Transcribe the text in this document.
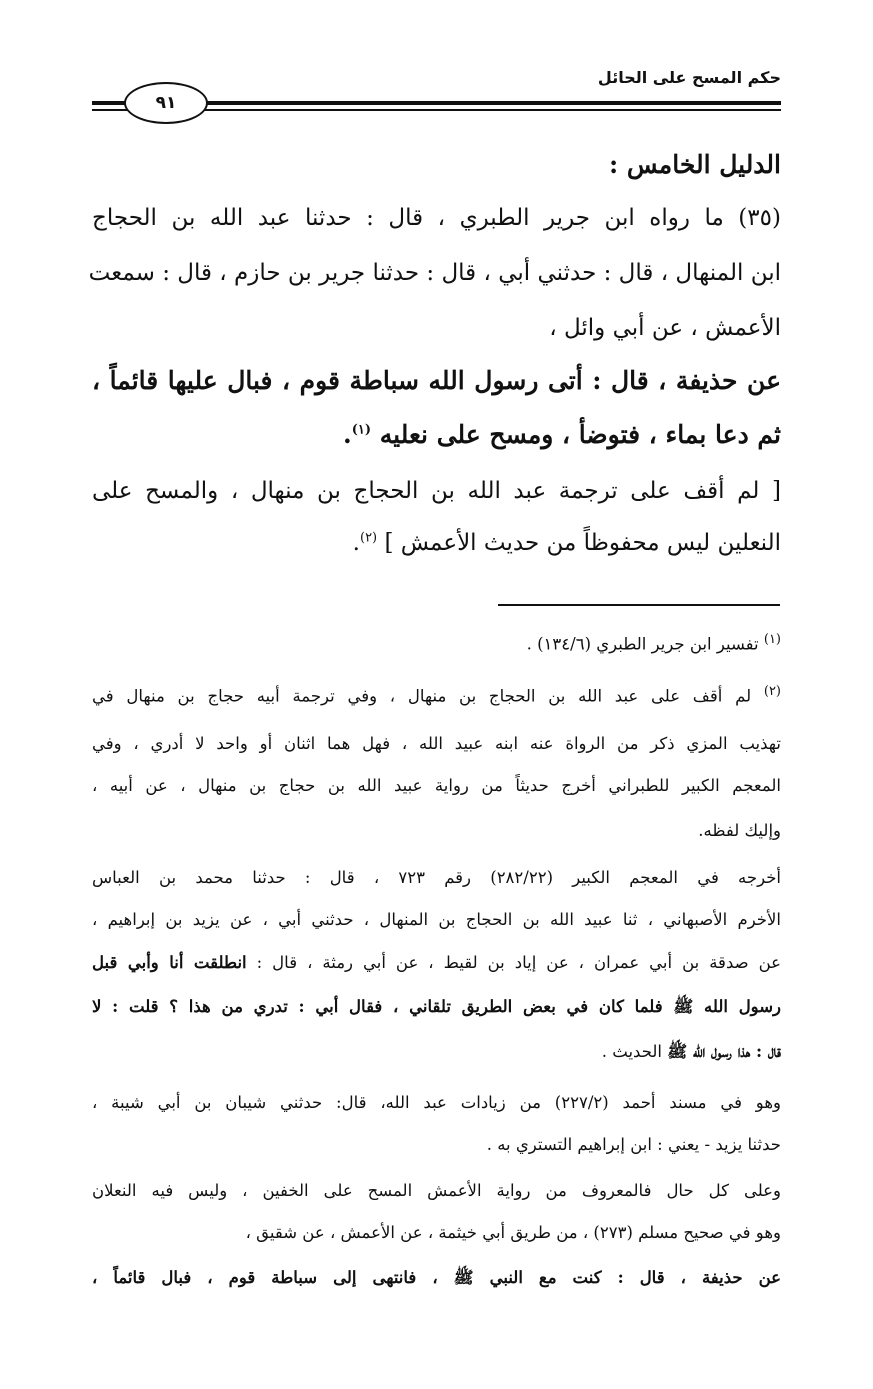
حكم المسح على الحائل
٩١
الدليل الخامس :
(٣٥) ما رواه ابن جرير الطبري ، قال : حدثنا عبد الله بن الحجاج
ابن المنهال ، قال : حدثني أبي ، قال : حدثنا جرير بن حازم ، قال : سمعت
الأعمش ، عن أبي وائل ،
عن حذيفة ، قال : أتى رسول الله سباطة قوم ، فبال عليها قائماً ،
ثم دعا بماء ، فتوضأ ، ومسح على نعليه $^{(١)}$.
[ لم أقف على ترجمة عبد الله بن الحجاج بن منهال ، والمسح على
النعلين ليس محفوظاً من حديث الأعمش ] $^{(٢)}$.
$^{(١)}$ تفسير ابن جرير الطبري (١٣٤/٦) .
$^{(٢)}$ لم أقف على عبد الله بن الحجاج بن منهال ، وفي ترجمة أبيه حجاج بن منهال في
تهذيب المزي ذكر من الرواة عنه ابنه عبيد الله ، فهل هما اثنان أو واحد لا أدري ، وفي
المعجم الكبير للطبراني أخرج حديثاً من رواية عبيد الله بن حجاج بن منهال ، عن أبيه ،
وإليك لفظه.
أخرجه في المعجم الكبير (٢٨٢/٢٢) رقم ٧٢٣ ، قال : حدثنا محمد بن العباس
الأخرم الأصبهاني ، ثنا عبيد الله بن الحجاج بن المنهال ، حدثني أبي ، عن يزيد بن إبراهيم ،
عن صدقة بن أبي عمران ، عن إياد بن لقيط ، عن أبي رمثة ، قال : انطلقت أنا وأبي قبل
رسول الله ﷺ فلما كان في بعض الطريق تلقاني ، فقال أبي : تدري من هذا ؟ قلت : لا
قال : هذا رسول الله ﷺ الحديث .
وهو في مسند أحمد (٢٢٧/٢) من زيادات عبد الله، قال: حدثني شيبان بن أبي شيبة ،
حدثنا يزيد - يعني : ابن إبراهيم التستري به .
وعلى كل حال فالمعروف من رواية الأعمش المسح على الخفين ، وليس فيه النعلان
وهو في صحيح مسلم (٢٧٣) ، من طريق أبي خيثمة ، عن الأعمش ، عن شقيق ،
عن حذيفة ، قال : كنت مع النبي ﷺ ، فانتهى إلى سباطة قوم ، فبال قائماً ،
